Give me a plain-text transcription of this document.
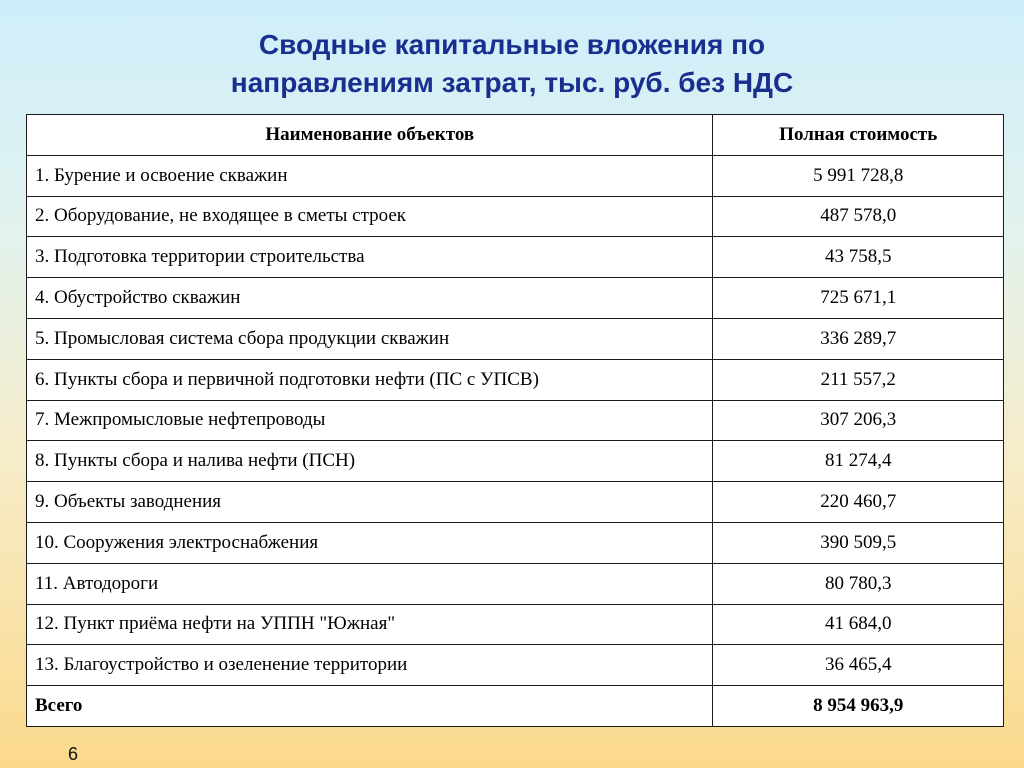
Сводные капитальные вложения по
направлениям затрат, тыс. руб. без НДС
Наименование объектов	Полная стоимость
1. Бурение и освоение скважин	5 991 728,8
2. Оборудование, не входящее в сметы строек	487 578,0
3. Подготовка территории строительства	43 758,5
4. Обустройство скважин	725 671,1
5. Промысловая система сбора продукции скважин	336 289,7
6. Пункты сбора и первичной подготовки нефти (ПС с УПСВ)	211 557,2
7. Межпромысловые нефтепроводы	307 206,3
8. Пункты сбора и налива нефти (ПСН)	81 274,4
9. Объекты заводнения	220 460,7
10. Сооружения электроснабжения	390 509,5
11. Автодороги	80 780,3
12. Пункт приёма нефти на УППН "Южная"	41 684,0
13. Благоустройство и озеленение территории	36 465,4
Всего	8 954 963,9
6
